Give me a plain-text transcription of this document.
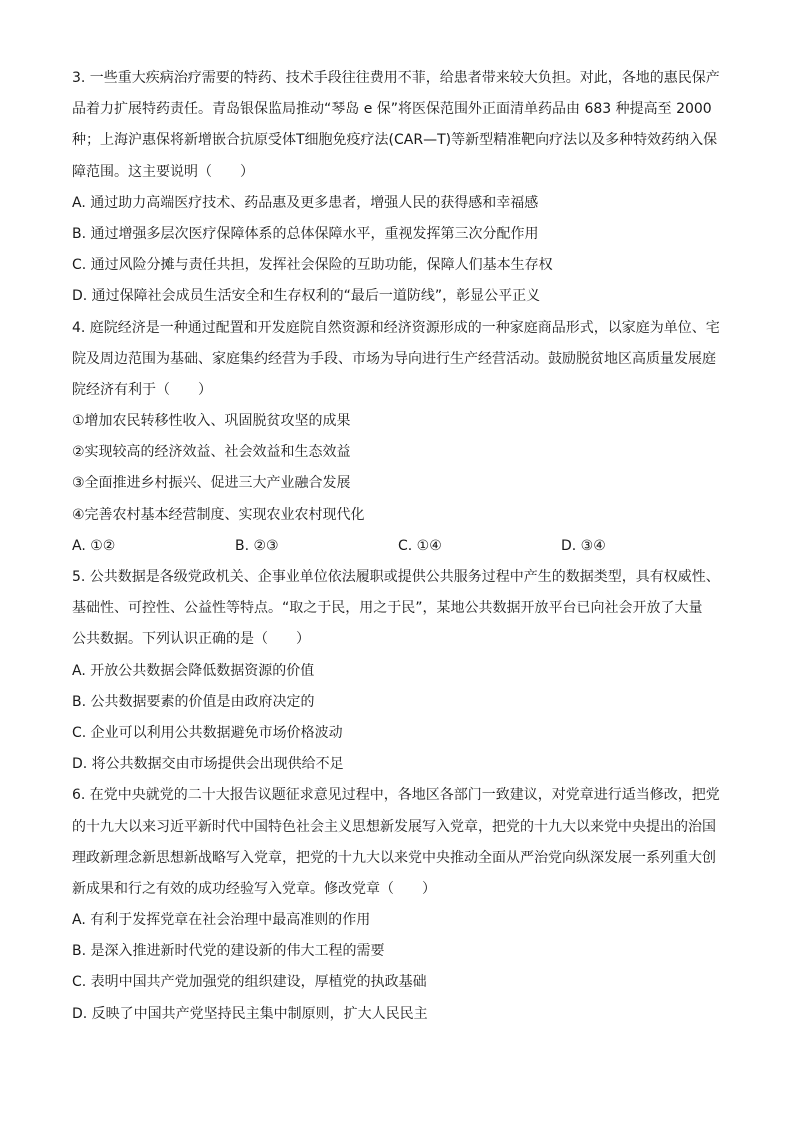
3. 一些重大疾病治疗需要的特药、技术手段往往费用不菲，给患者带来较大负担。对此，各地的惠民保产
品着力扩展特药责任。青岛银保监局推动“琴岛 e 保”将医保范围外正面清单药品由 683 种提高至 2000
种；上海沪惠保将新增嵌合抗原受体T细胞免疫疗法(CAR—T)等新型精准靶向疗法以及多种特效药纳入保
障范围。这主要说明（　　）
A. 通过助力高端医疗技术、药品惠及更多患者，增强人民的获得感和幸福感
B. 通过增强多层次医疗保障体系的总体保障水平，重视发挥第三次分配作用
C. 通过风险分摊与责任共担，发挥社会保险的互助功能，保障人们基本生存权
D. 通过保障社会成员生活安全和生存权利的“最后一道防线”，彰显公平正义
4. 庭院经济是一种通过配置和开发庭院自然资源和经济资源形成的一种家庭商品形式，以家庭为单位、宅
院及周边范围为基础、家庭集约经营为手段、市场为导向进行生产经营活动。鼓励脱贫地区高质量发展庭
院经济有利于（　　）
①增加农民转移性收入、巩固脱贫攻坚的成果
②实现较高的经济效益、社会效益和生态效益
③全面推进乡村振兴、促进三大产业融合发展
④完善农村基本经营制度、实现农业农村现代化
A. ①②	B. ②③	C. ①④	D. ③④
5. 公共数据是各级党政机关、企事业单位依法履职或提供公共服务过程中产生的数据类型，具有权威性、
基础性、可控性、公益性等特点。“取之于民，用之于民”，某地公共数据开放平台已向社会开放了大量
公共数据。下列认识正确的是（　　）
A. 开放公共数据会降低数据资源的价值
B. 公共数据要素的价值是由政府决定的
C. 企业可以利用公共数据避免市场价格波动
D. 将公共数据交由市场提供会出现供给不足
6. 在党中央就党的二十大报告议题征求意见过程中，各地区各部门一致建议，对党章进行适当修改，把党
的十九大以来习近平新时代中国特色社会主义思想新发展写入党章，把党的十九大以来党中央提出的治国
理政新理念新思想新战略写入党章，把党的十九大以来党中央推动全面从严治党向纵深发展一系列重大创
新成果和行之有效的成功经验写入党章。修改党章（　　）
A. 有利于发挥党章在社会治理中最高准则的作用
B. 是深入推进新时代党的建设新的伟大工程的需要
C. 表明中国共产党加强党的组织建设，厚植党的执政基础
D. 反映了中国共产党坚持民主集中制原则，扩大人民民主
